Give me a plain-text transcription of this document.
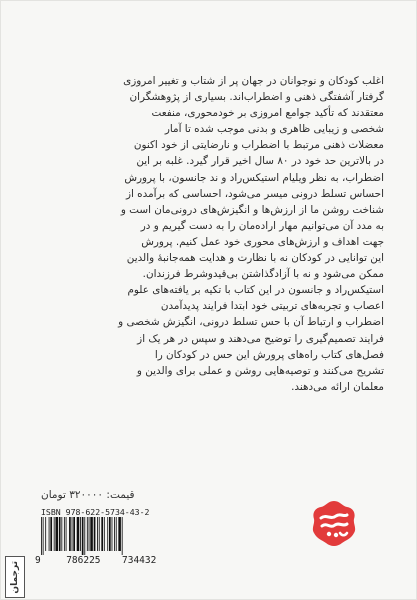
اغلب کودکان و نوجوانان در جهان پر از شتاب و تغییر امروزی
گرفتار آشفتگی ذهنی و اضطراب‌اند. بسیاری از پژوهشگران
معتقدند که تأکید جوامع امروزی بر خودمحوری، منفعت
شخصی و زیبایی ظاهری و بدنی موجب شده تا آمار
معضلات ذهنی مرتبط با اضطراب و نارضایتی از خود اکنون
در بالاترین حد خود در ۸۰ سال اخیر قرار گیرد. غلبه بر این
اضطراب، به نظر ویلیام استیکس‌راد و ند جانسون، با پرورش
احساس تسلط درونی میسر می‌شود، احساسی که برآمده از
شناخت روشن ما از ارزش‌ها و انگیزش‌های درونی‌مان است و
به مدد آن می‌توانیم مهار اراده‌مان را به دست گیریم و در
جهت اهداف و ارزش‌های محوری خود عمل کنیم. پرورش
این توانایی در کودکان نه با نظارت و هدایت همه‌جانبهٔ والدین
ممکن می‌شود و نه با آزادگذاشتن بی‌قیدوشرط فرزندان.
استیکس‌راد و جانسون در این کتاب با تکیه بر یافته‌های علوم
اعصاب و تجربه‌های تربیتی خود ابتدا فرایند پدیدآمدن
اضطراب و ارتباط آن با حس تسلط درونی، انگیزش شخصی و
فرایند تصمیم‌گیری را توضیح می‌دهند و سپس در هر یک از
فصل‌های کتاب راه‌های پرورش این حس در کودکان را
تشریح می‌کنند و توصیه‌هایی روشن و عملی برای والدین و
معلمان ارائه می‌دهند.
قیمت: ۳۲۰۰۰۰ تومان
ISBN 978-622-5734-43-2
9	786225 734432
ترجمان
